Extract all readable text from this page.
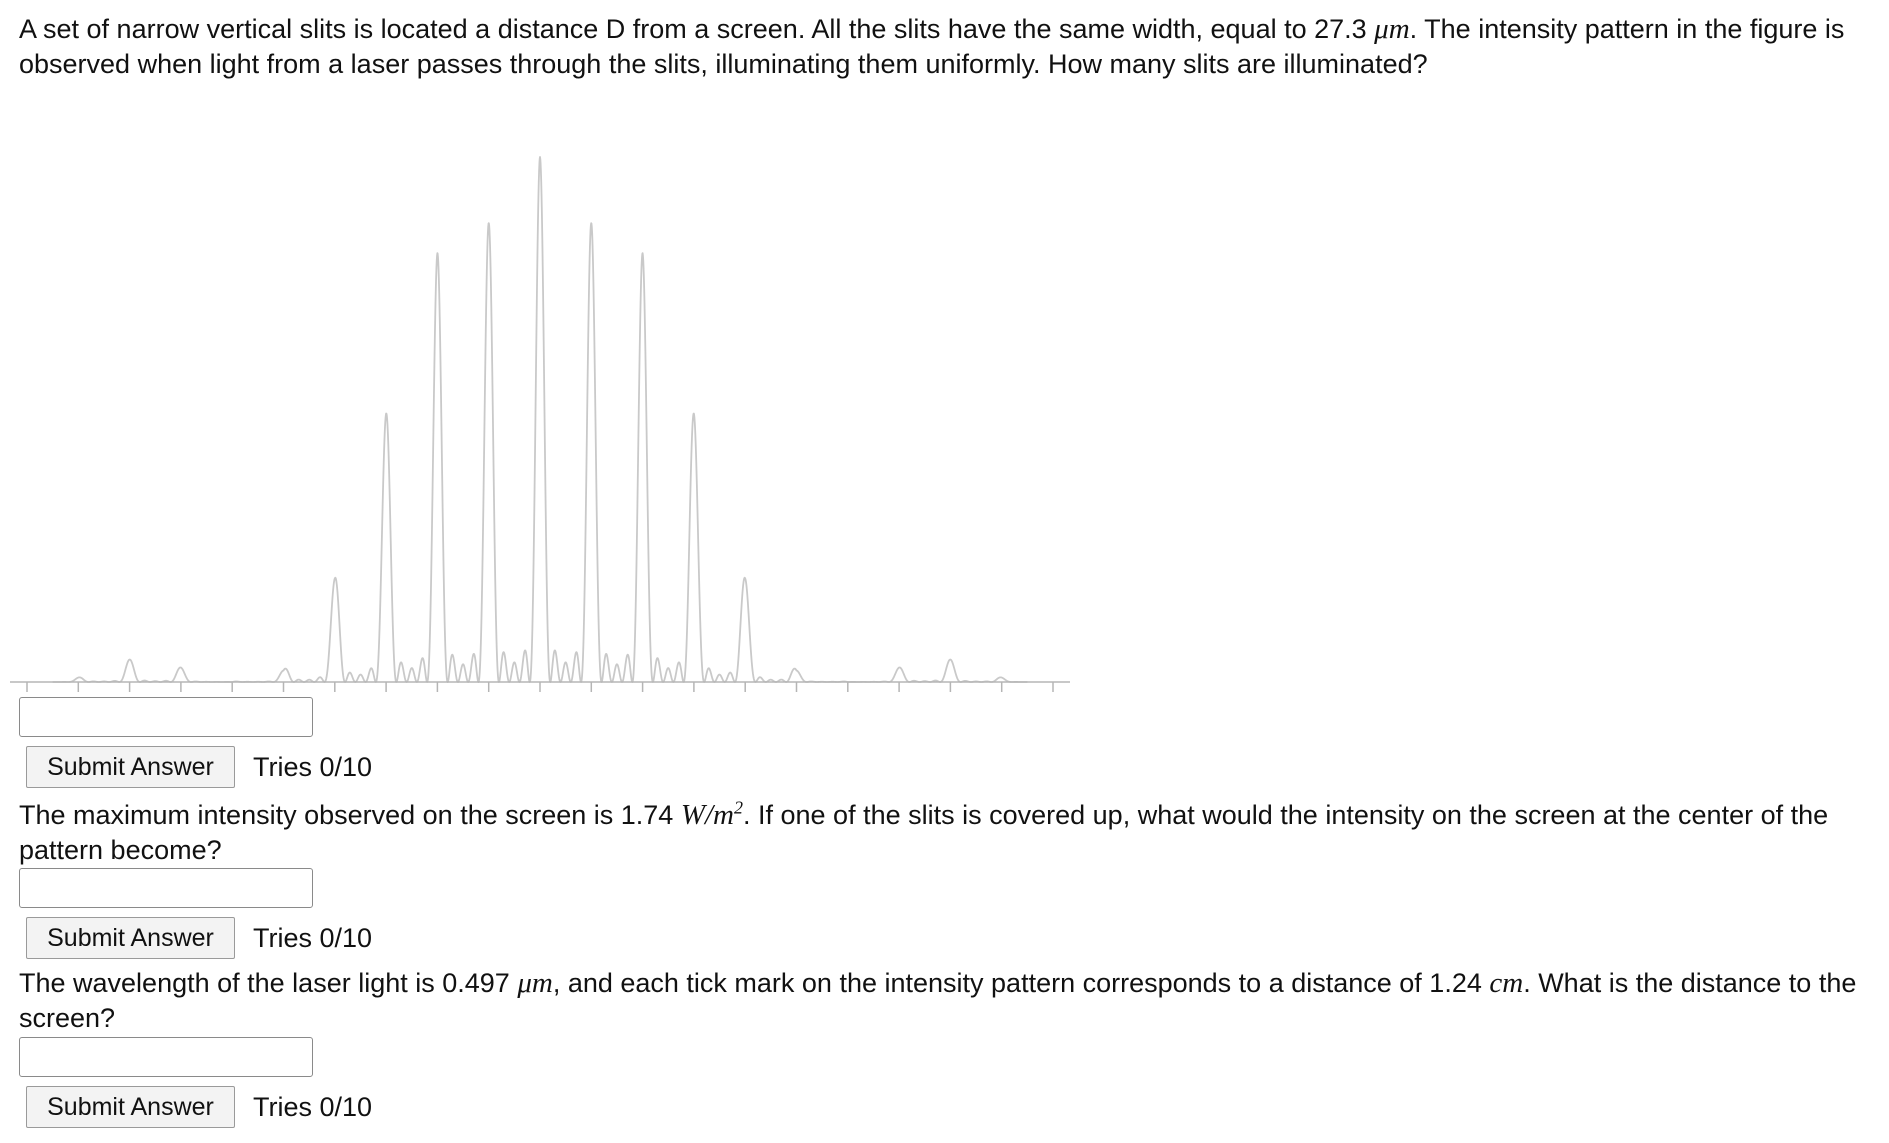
A set of narrow vertical slits is located a distance D from a screen. All the slits have the same width, equal to 27.3 μm. The intensity pattern in the figure is observed when light from a laser passes through the slits, illuminating them uniformly. How many slits are illuminated?

Submit Answer	Tries 0/10

The maximum intensity observed on the screen is 1.74 $W/m^2$. If one of the slits is covered up, what would the intensity on the screen at the center of the pattern become?

Submit Answer	Tries 0/10

The wavelength of the laser light is 0.497 μm, and each tick mark on the intensity pattern corresponds to a distance of 1.24 cm. What is the distance to the screen?

Submit Answer	Tries 0/10
